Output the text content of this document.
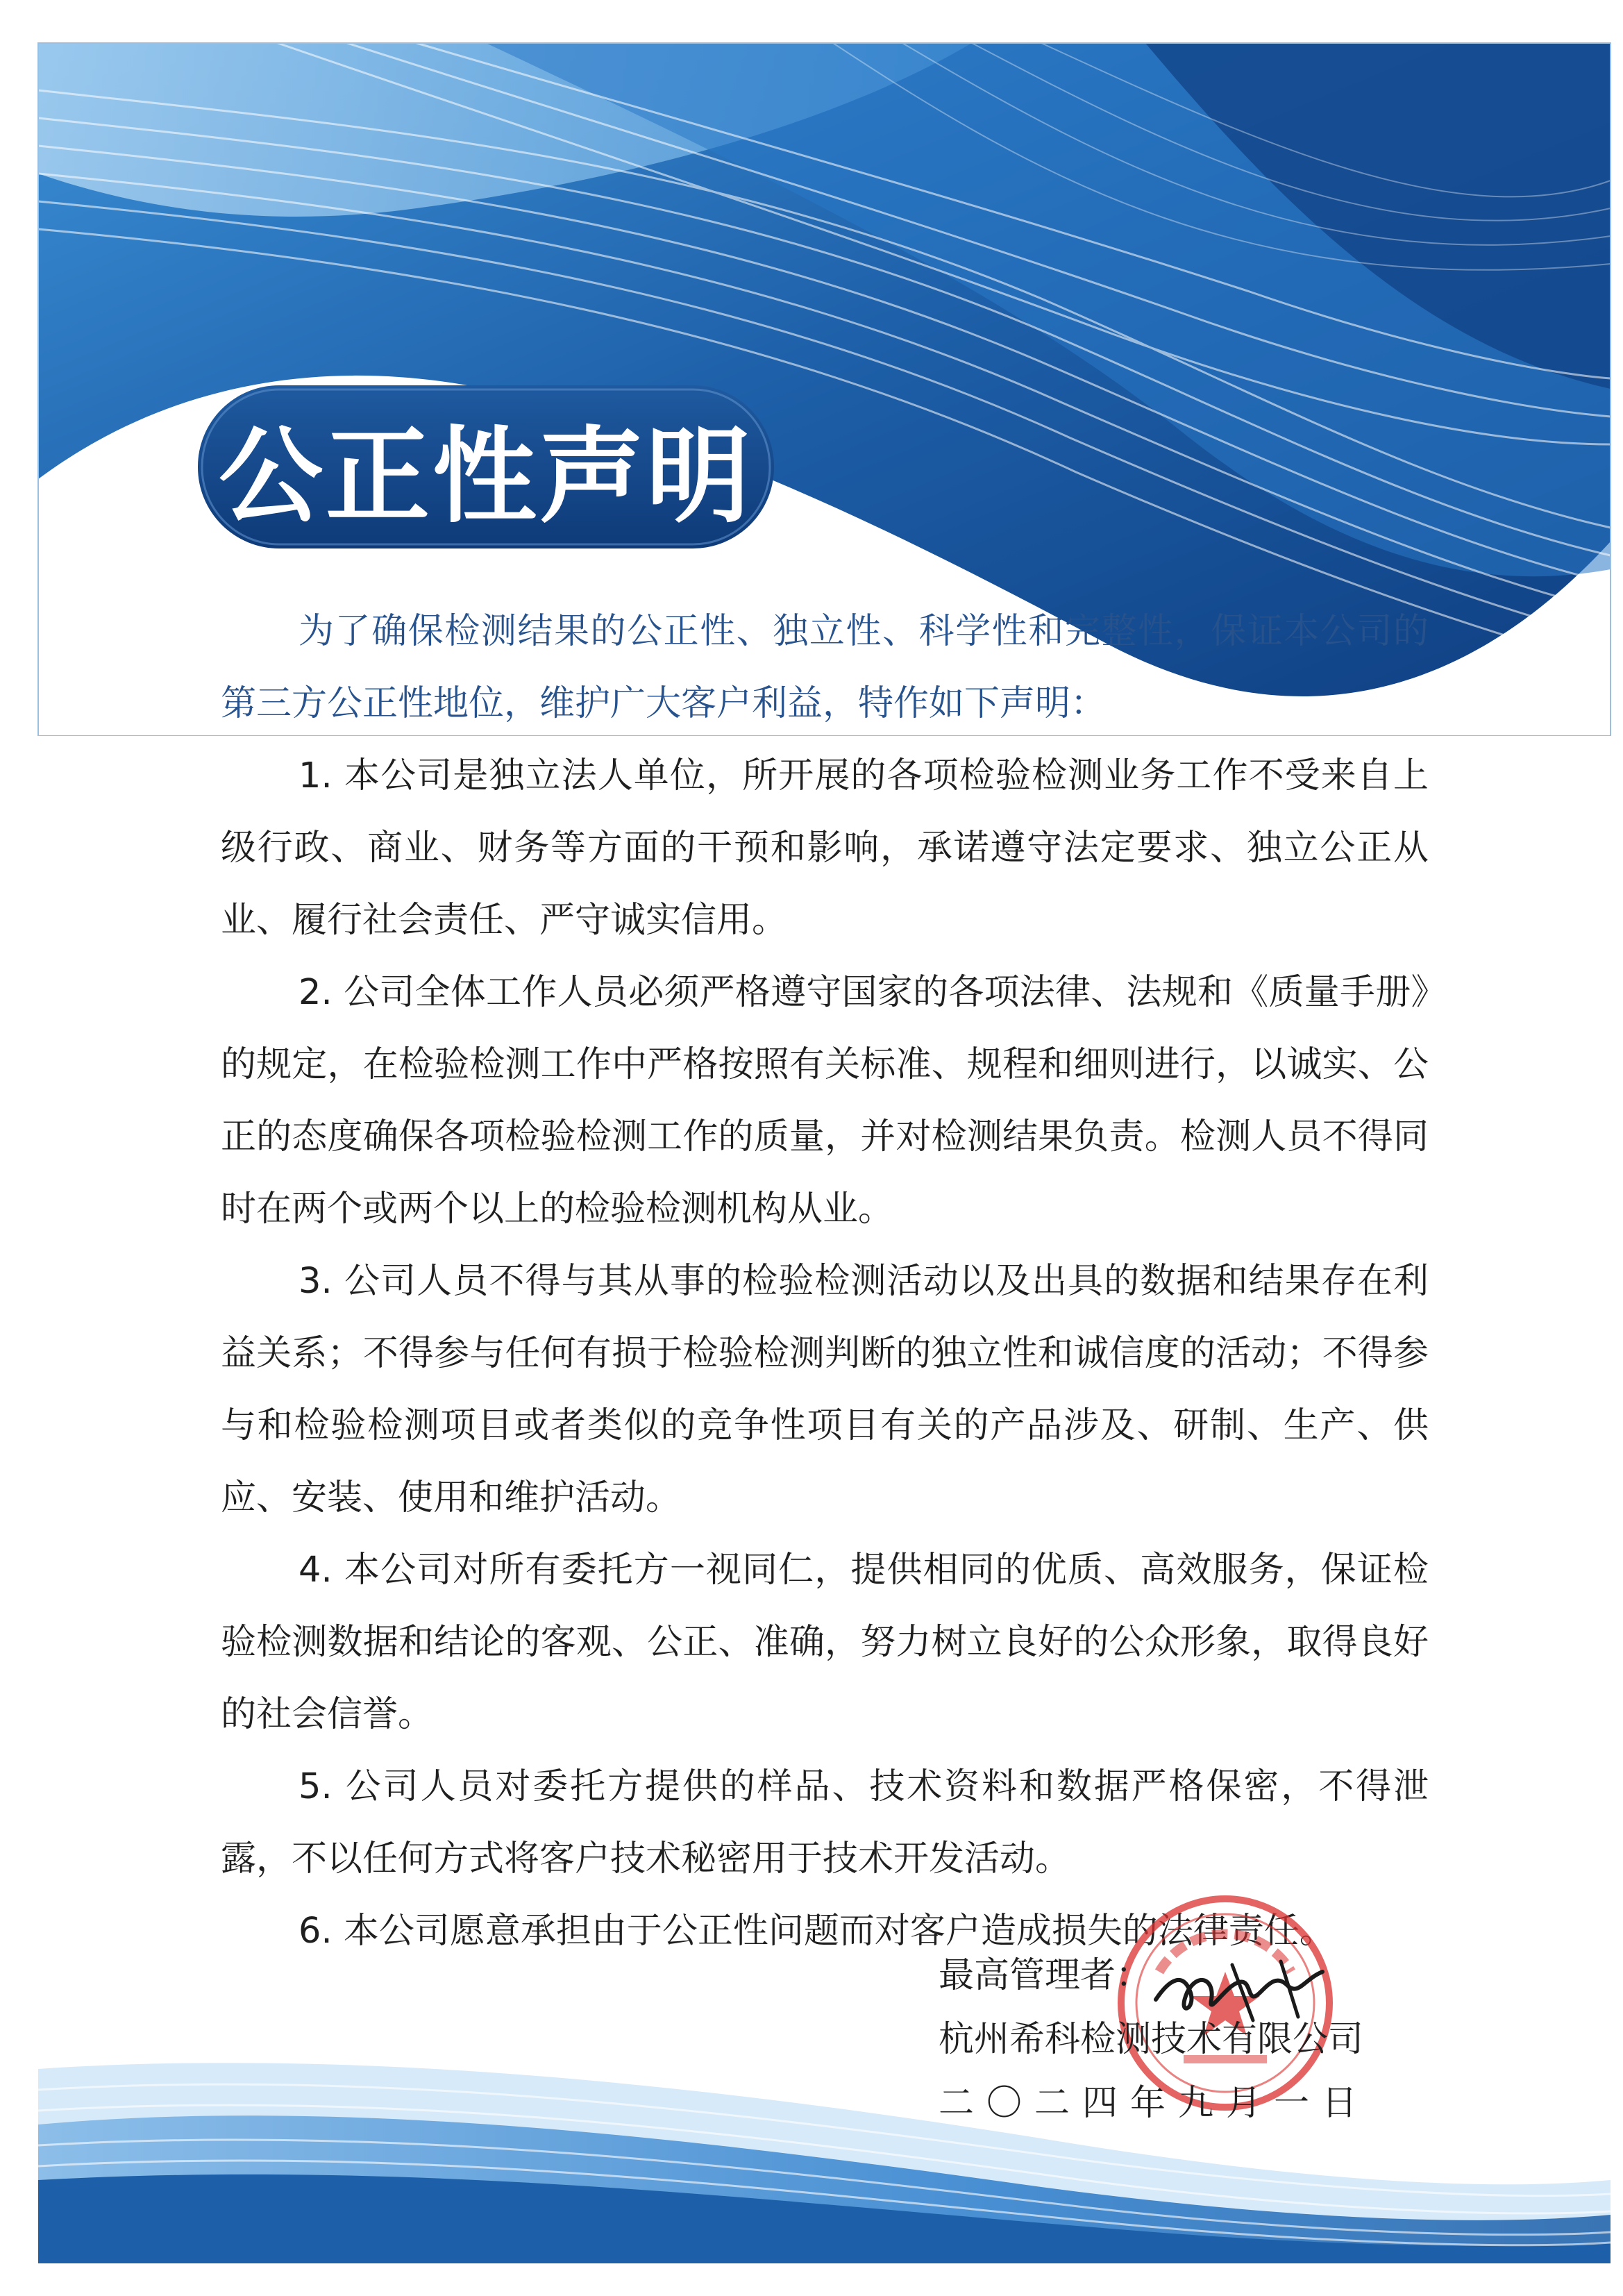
公正性声明

为了确保检测结果的公正性、独立性、科学性和完整性，保证本公司的第三方公正性地位，维护广大客户利益，特作如下声明：

1. 本公司是独立法人单位，所开展的各项检验检测业务工作不受来自上级行政、商业、财务等方面的干预和影响，承诺遵守法定要求、独立公正从业、履行社会责任、严守诚实信用。

2. 公司全体工作人员必须严格遵守国家的各项法律、法规和《质量手册》的规定，在检验检测工作中严格按照有关标准、规程和细则进行，以诚实、公正的态度确保各项检验检测工作的质量，并对检测结果负责。检测人员不得同时在两个或两个以上的检验检测机构从业。

3. 公司人员不得与其从事的检验检测活动以及出具的数据和结果存在利益关系；不得参与任何有损于检验检测判断的独立性和诚信度的活动；不得参与和检验检测项目或者类似的竞争性项目有关的产品涉及、研制、生产、供应、安装、使用和维护活动。

4. 本公司对所有委托方一视同仁，提供相同的优质、高效服务，保证检验检测数据和结论的客观、公正、准确，努力树立良好的公众形象，取得良好的社会信誉。

5. 公司人员对委托方提供的样品、技术资料和数据严格保密，不得泄露，不以任何方式将客户技术秘密用于技术开发活动。

6. 本公司愿意承担由于公正性问题而对客户造成损失的法律责任。

最高管理者：
杭州希科检测技术有限公司
二〇二四年九月一日
